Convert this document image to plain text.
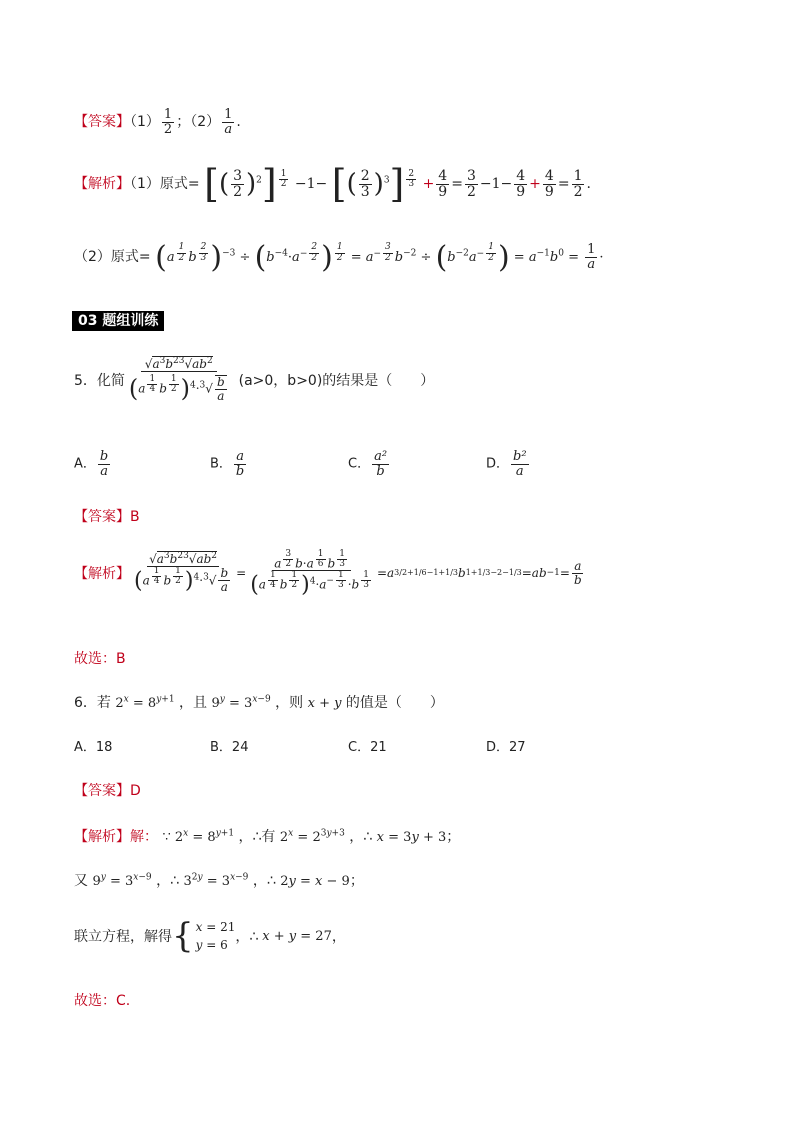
【答案】$(1) \frac{1}{2}$ ；$(2) \frac{1}{a}$ .
【解析】（1）原式= [( $\frac{3}{2} )^2$] $^{\frac{1}{2}}$ −1− [( $\frac{2}{3} )^3$] $^{\frac{2}{3}} + \frac{4}{9} = \frac{3}{2} -1- \frac{4}{9} + \frac{4}{9} = \frac{1}{2}$ .
（2）原式= (a $^{\frac{1}{2}}$ b $^{\frac{2}{3}}$ )$^{-3} \div (b^{-4}\cdot a^{- \frac{2}{2}}$ ) $^{\frac{1}{2}} = a^{- \frac{3}{2}}$ $b^{-2} \div (b^{-2}a^{- \frac{1}{2}}$ ) = $a^{-1}b^0 = \frac{1}{a}$ ·
03 题组训练
5．化简 $√a^3b^{23}√ab^2$
(a $^{\frac{1}{4}}$ b $^{\frac{1}{2}}$ )$^4\cdot^3√ \frac{b}{a} (a>0$，b>0)的结果是（　　）
A． $\frac{b}{a}$	B． $\frac{a}{b}$	C． $\frac{\text{a²}}{b}$	D． $\frac{\text{b²}}{a}$
【答案】B
【解析】 $√a^3b^{23}√ab^2$
(a $^{\frac{1}{4}}$ b $^{\frac{1}{2}}$ )$^4\cdot^3√ \frac{b}{a} = a$ $^{\frac{3}{2}}$ b·a $^{\frac{1}{6}}$ b $^{\frac{1}{3}}$
(a $^{\frac{1}{4}}$ b $^{\frac{1}{2}}$ )$^4\cdot a^{- \frac{1}{3}} \cdot b$ $^{\frac{1}{3}}$ = a 3/2+1/6−1+1/3 b 1+1/3−2−1/3 = ab $-1 = \frac{a}{b}$
故选：B
6．若 $2^x = 8^{y+1}$ ，且 $9^y = 3^{x-9}$ ，则 x + y 的值是（　　）
A．18	B．24	C．21	D．27
【答案】D
【解析】解： ∵ $2^x = 8^{y+1}$ ，∴有 $2^x = 2^{3y+3}$ ，∴ x = 3y + 3；
又 $9^y = 3^{x-9}$ ，∴ $3^{2y} = 3^{x-9}$ ，∴ 2y = x − 9；
联立方程，解得 { x = 21
y = 6 ，∴ x + y = 27 ，
故选：C.
